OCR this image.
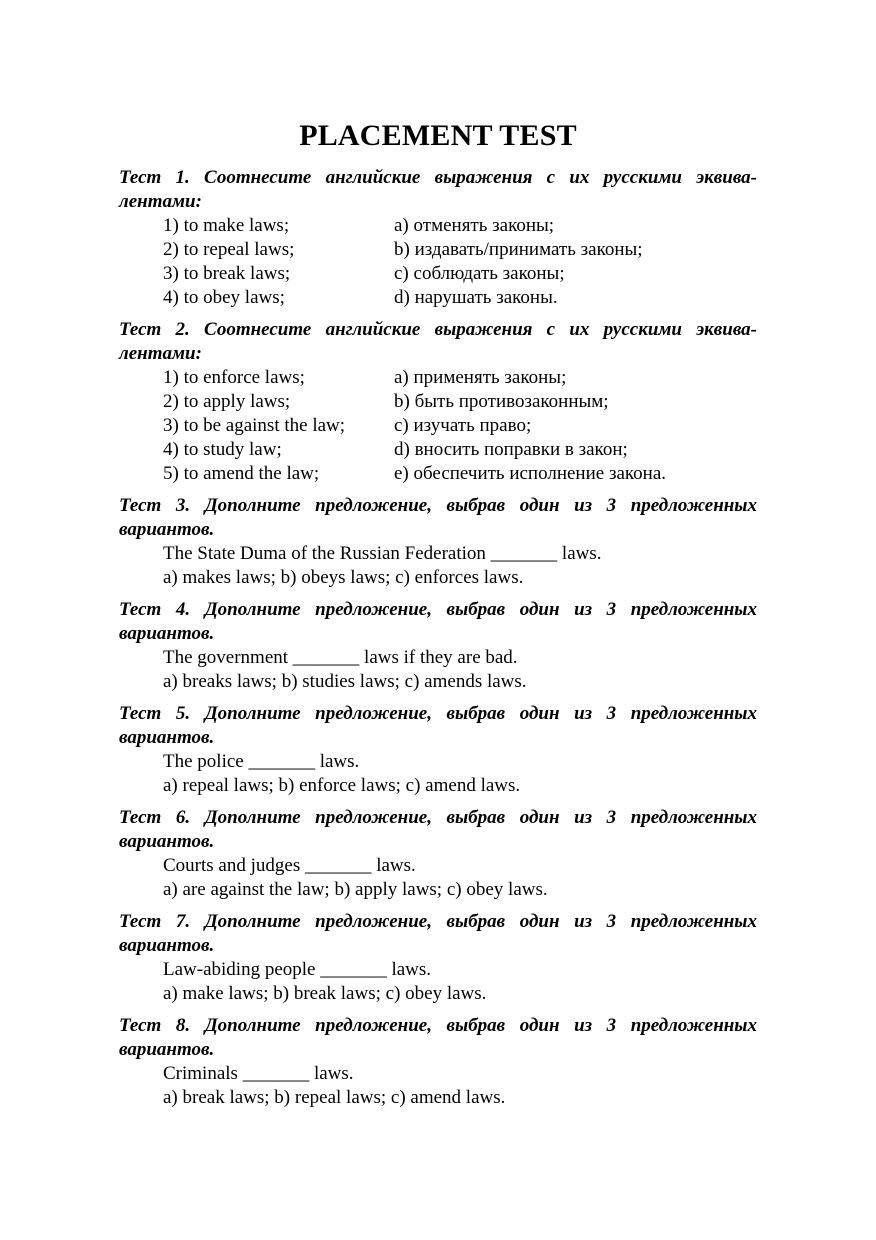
PLACEMENT TEST

Тест 1. Соотнесите английские выражения с их русскими эквива-лентами:

1) to make laws;	a) отменять законы;
2) to repeal laws;	b) издавать/принимать законы;
3) to break laws;	c) соблюдать законы;
4) to obey laws;	d) нарушать законы.

Тест 2. Соотнесите английские выражения с их русскими эквива-лентами:

1) to enforce laws;	a) применять законы;
2) to apply laws;	b) быть противозаконным;
3) to be against the law;	c) изучать право;
4) to study law;	d) вносить поправки в закон;
5) to amend the law;	e) обеспечить исполнение закона.

Тест 3. Дополните предложение, выбрав один из 3 предложенных вариантов.

The State Duma of the Russian Federation _______ laws.

a) makes laws; b) obeys laws; c) enforces laws.

Тест 4. Дополните предложение, выбрав один из 3 предложенных вариантов.

The government _______ laws if they are bad.

a) breaks laws; b) studies laws; c) amends laws.

Тест 5. Дополните предложение, выбрав один из 3 предложенных вариантов.

The police _______ laws.

a) repeal laws; b) enforce laws; c) amend laws.

Тест 6. Дополните предложение, выбрав один из 3 предложенных вариантов.

Courts and judges _______ laws.

a) are against the law; b) apply laws; c) obey laws.

Тест 7. Дополните предложение, выбрав один из 3 предложенных вариантов.

Law-abiding people _______ laws.

a) make laws; b) break laws; c) obey laws.

Тест 8. Дополните предложение, выбрав один из 3 предложенных вариантов.

Criminals _______ laws.

a) break laws; b) repeal laws; c) amend laws.
